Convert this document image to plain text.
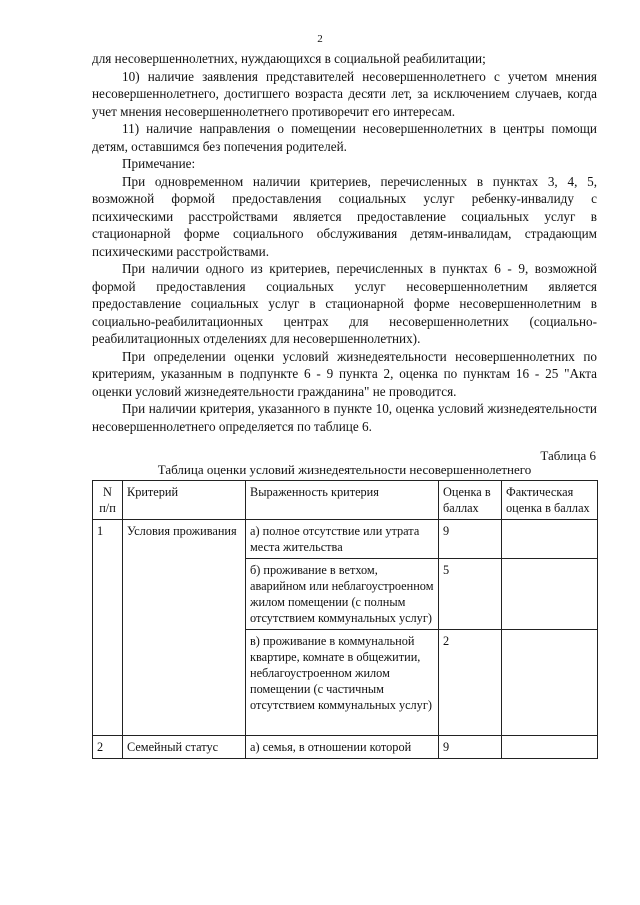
2

для несовершеннолетних, нуждающихся в социальной реабилитации;

10) наличие заявления представителей несовершеннолетнего с учетом мнения несовершеннолетнего, достигшего возраста десяти лет, за исключением случаев, когда учет мнения несовершеннолетнего противоречит его интересам.

11) наличие направления о помещении несовершеннолетних в центры помощи детям, оставшимся без попечения родителей.

Примечание:

При одновременном наличии критериев, перечисленных в пунктах 3, 4, 5, возможной формой предоставления социальных услуг ребенку-инвалиду с психическими расстройствами является предоставление социальных услуг в стационарной форме социального обслуживания детям-инвалидам, страдающим психическими расстройствами.

При наличии одного из критериев, перечисленных в пунктах 6 - 9, возможной формой предоставления социальных услуг несовершеннолетним является предоставление социальных услуг в стационарной форме несовершеннолетним в социально-реабилитационных центрах для несовершеннолетних (социально-реабилитационных отделениях для несовершеннолетних).

При определении оценки условий жизнедеятельности несовершеннолетних по критериям, указанным в подпункте 6 - 9 пункта 2, оценка по пунктам 16 - 25 "Акта оценки условий жизнедеятельности гражданина" не проводится.

При наличии критерия, указанного в пункте 10, оценка условий жизнедеятельности несовершеннолетнего определяется по таблице 6.

Таблица 6
Таблица оценки условий жизнедеятельности несовершеннолетнего
N п/п	Критерий	Выраженность критерия	Оценка в баллах	Фактическая оценка в баллах
1	Условия проживания	а) полное отсутствие или утрата места жительства	9	
		б) проживание в ветхом, аварийном или неблагоустроенном жилом помещении (с полным отсутствием коммунальных услуг)	5	
		в) проживание в коммунальной квартире, комнате в общежитии, неблагоустроенном жилом помещении (с частичным отсутствием коммунальных услуг)	2	
2	Семейный статус	а) семья, в отношении которой	9	
